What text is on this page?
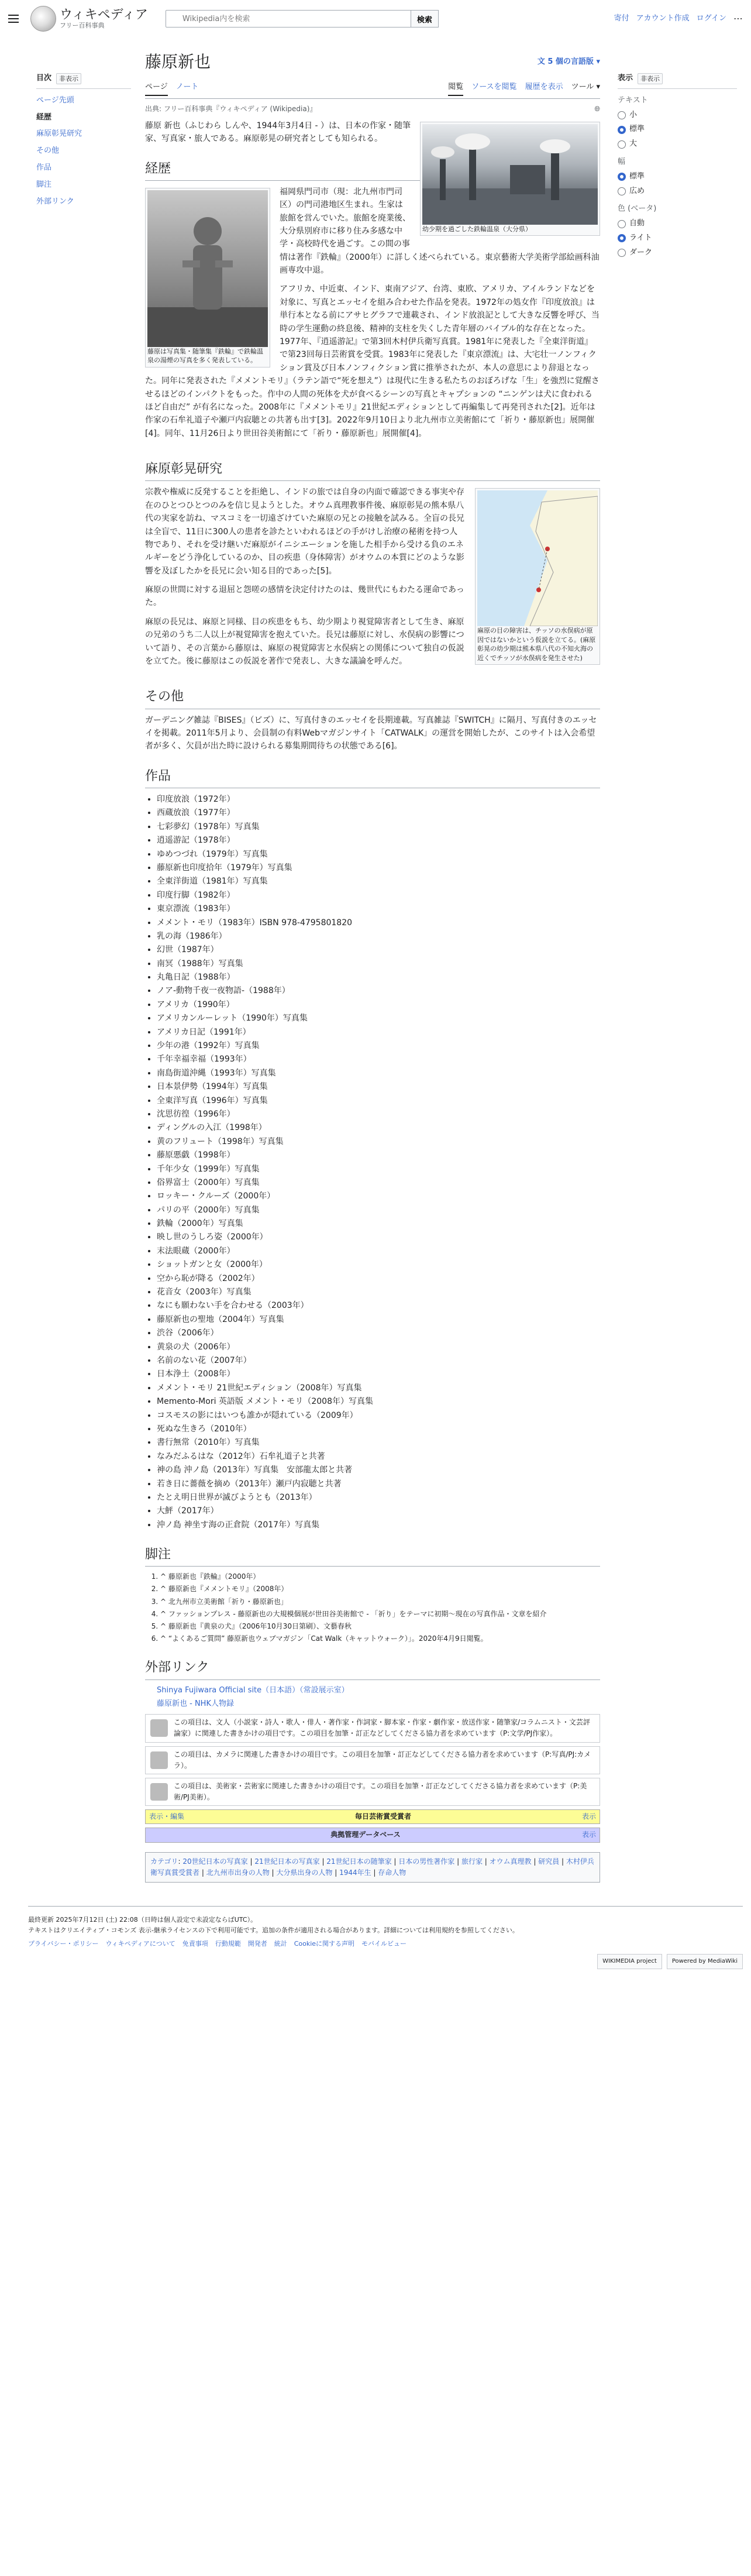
ウィキペディア
フリー百科事典
Wikipedia内を検索
検索	寄付 アカウント作成 ログイン ⋯
目次	非表示
ページ先頭
経歴
麻原彰晃研究
その他
作品
脚注
外部リンク
藤原新也	文︎ 5 個の言語版 ▾
ページ ノート	閲覧 ソースを閲覧 履歴を表示 ツール ▾
出典: フリー百科事典『ウィキペディア (Wikipedia)』	🌐︎
幼少期を過ごした鉄輪温泉（大分県）

藤原 新也（ふじわら しんや、1944年3月4日 - ）は、日本の作家・随筆家、写真家・旅人である。麻原彰晃の研究者としても知られる。

経歴
藤原は写真集・随筆集『鉄輪』で鉄輪温泉の湯煙の写真を多く発表している。

福岡県門司市（現：北九州市門司区）の門司港地区生まれ。生家は旅館を営んでいた。旅館を廃業後、大分県別府市に移り住み多感な中学・高校時代を過ごす。この間の事情は著作『鉄輪』（2000年）に詳しく述べられている。東京藝術大学美術学部絵画科油画専攻中退。

アフリカ、中近東、インド、東南アジア、台湾、東欧、アメリカ、アイルランドなどを対象に、写真とエッセイを組み合わせた作品を発表。1972年の処女作『印度放浪』は単行本となる前にアサヒグラフで連載され、インド放浪記として大きな反響を呼び、当時の学生運動の終息後、精神的支柱を失くした青年層のバイブル的な存在となった。1977年、『逍遥游記』で第3回木村伊兵衛写真賞。1981年に発表した『全東洋街道』で第23回毎日芸術賞を受賞。1983年に発表した『東京漂流』は、大宅壮一ノンフィクション賞及び日本ノンフィクション賞に推挙されたが、本人の意思により辞退となった。同年に発表された『メメントモリ』（ラテン語で“死を想え”）は現代に生きる私たちのおぼろげな「生」を強烈に覚醒させるほどのインパクトをもった。作中の人間の死体を犬が食べるシーンの写真とキャプションの “ニンゲンは犬に食われるほど自由だ” が有名になった。2008年に『メメントモリ』21世紀エディションとして再編集して再発刊された[2]。近年は作家の石牟礼道子や瀬戸内寂聴との共著も出す[3]。2022年9月10日より北九州市立美術館にて「祈り・藤原新也」展開催[4]。同年、11月26日より世田谷美術館にて「祈り・藤原新也」展開催[4]。

麻原彰晃研究
麻原の目の障害は、チッソの水俣病が原因ではないかという仮説を立てる。(麻原彰晃の幼少期は熊本県八代の不知火海の近くでチッソが水俣病を発生させた)

宗教や権威に反発することを拒絶し、インドの旅では自身の内面で確認できる事実や存在のひとつひとつのみを信じ見ようとした。オウム真理教事件後、麻原彰晃の熊本県八代の実家を訪ね、マスコミを一切遠ざけていた麻原の兄との接触を試みる。全盲の長兄は全盲で、11日に300人の患者を診たといわれるほどの手がけし治療の秘術を持つ人物であり、それを受け継いだ麻原がイニシエーションを施した相手から受ける負のエネルギーをどう浄化しているのか、目の疾患（身体障害）がオウムの本質にどのような影響を及ぼしたかを長兄に会い知る目的であった[5]。

麻原の世間に対する退屈と怨嗟の感情を決定付けたのは、幾世代にもわたる運命であった。

麻原の長兄は、麻原と同様、目の疾患をもち、幼少期より視覚障害者として生き、麻原の兄弟のうち二人以上が視覚障害を抱えていた。長兄は藤原に対し、水俣病の影響について語り、その言葉から藤原は、麻原の視覚障害と水俣病との関係について独自の仮説を立てた。後に藤原はこの仮説を著作で発表し、大きな議論を呼んだ。

その他

ガーデニング雑誌『BISES』（ビズ）に、写真付きのエッセイを長期連載。写真雑誌『SWITCH』に隔月、写真付きのエッセイを掲載。2011年5月より、会員制の有料Webマガジンサイト「CATWALK」の運営を開始したが、このサイトは入会希望者が多く、欠員が出た時に設けられる募集期間待ちの状態である[6]。

作品
• 印度放浪（1972年）
• 西蔵放浪（1977年）
• 七彩夢幻（1978年）写真集
• 逍遥游記（1978年）
• ゆめつづれ（1979年）写真集
• 藤原新也印度拾年（1979年）写真集
• 全東洋街道（1981年）写真集
• 印度行脚（1982年）
• 東京漂流（1983年）
• メメント・モリ（1983年）ISBN 978-4795801820
• 乳の海（1986年）
• 幻世（1987年）
• 南冥（1988年）写真集
• 丸亀日記（1988年）
• ノア-動物千夜一夜物語-（1988年）
• アメリカ（1990年）
• アメリカンルーレット（1990年）写真集
• アメリカ日記（1991年）
• 少年の港（1992年）写真集
• 千年幸福幸福（1993年）
• 南島街道沖縄（1993年）写真集
• 日本景伊勢（1994年）写真集
• 全東洋写真（1996年）写真集
• 沈思彷徨（1996年）
• ディングルの入江（1998年）
• 黄のフリュート（1998年）写真集
• 藤原悪戯（1998年）
• 千年少女（1999年）写真集
• 俗界富士（2000年）写真集
• ロッキー・クルーズ（2000年）
• パリの平（2000年）写真集
• 鉄輪（2000年）写真集
• 映し世のうしろ姿（2000年）
• 末法眼蔵（2000年）
• ショットガンと女（2000年）
• 空から恥が降る（2002年）
• 花音女（2003年）写真集
• なにも願わない手を合わせる（2003年）
• 藤原新也の聖地（2004年）写真集
• 渋谷（2006年）
• 黄泉の犬（2006年）
• 名前のない花（2007年）
• 日本浄土（2008年）
• メメント・モリ 21世紀エディション（2008年）写真集
• Memento-Mori 英語版 メメント・モリ（2008年）写真集
• コスモスの影にはいつも誰かが隠れている（2009年）
• 死ぬな生きろ（2010年）
• 書行無常（2010年）写真集
• なみだふるはな（2012年）石牟礼道子と共著
• 神の島 沖ノ島（2013年）写真集　安部龍太郎と共著
• 若き日に薔薇を摘め（2013年）瀬戸内寂聴と共著
• たとえ明日世界が滅びようとも（2013年）
• 大鮃（2017年）
• 沖ノ島 神坐す海の正倉院（2017年）写真集
脚注
1. ^ 藤原新也『鉄輪』（2000年）
2. ^ 藤原新也『メメントモリ』（2008年）
3. ^ 北九州市立美術館「祈り・藤原新也」
4. ^ ファッションプレス - 藤原新也の大規模個展が世田谷美術館で - 「祈り」をテーマに初期〜現在の写真作品・文章を紹介
5. ^ 藤原新也『黄泉の犬』（2006年10月30日第刷）、文藝春秋
6. ^ “よくあるご質問” 藤原新也ウェブマガジン「Cat Walk（キャットウォーク）」。2020年4月9日閲覧。
外部リンク
Shinya Fujiwara Official site（日本語）（常設展示室）
藤原新也 - NHK人物録
この項目は、文人（小説家・詩人・歌人・俳人・著作家・作詞家・脚本家・作家・劇作家・放送作家・随筆家/コラムニスト・文芸評論家）に関連した書きかけの項目です。この項目を加筆・訂正などしてくださる協力者を求めています（P:文学/PJ作家）。
この項目は、カメラに関連した書きかけの項目です。この項目を加筆・訂正などしてくださる協力者を求めています（P:写真/PJ:カメラ）。
この項目は、美術家・芸術家に関連した書きかけの項目です。この項目を加筆・訂正などしてくださる協力者を求めています（P:美術/PJ美術）。
表示・編集	毎日芸術賞受賞者	表示
典拠管理データベース	表示
カテゴリ: 20世紀日本の写真家 | 21世紀日本の写真家 | 21世紀日本の随筆家 | 日本の男性著作家 | 旅行家 | オウム真理教 | 研究員 | 木村伊兵衛写真賞受賞者 | 北九州市出身の人物 | 大分県出身の人物 | 1944年生 | 存命人物
表示	非表示
テキスト
小
標準
大
幅
標準
広め
色 (ベータ)
自動
ライト
ダーク
最終更新 2025年7月12日 (土) 22:08（日時は個人設定で未設定ならばUTC）。
テキストはクリエイティブ・コモンズ 表示-継承ライセンスの下で利用可能です。追加の条件が適用される場合があります。詳細については利用規約を参照してください。
プライバシー・ポリシー ウィキペディアについて 免責事項 行動規範 開発者 統計 Cookieに関する声明 モバイルビュー
WIKIMEDIA project	Powered by MediaWiki
